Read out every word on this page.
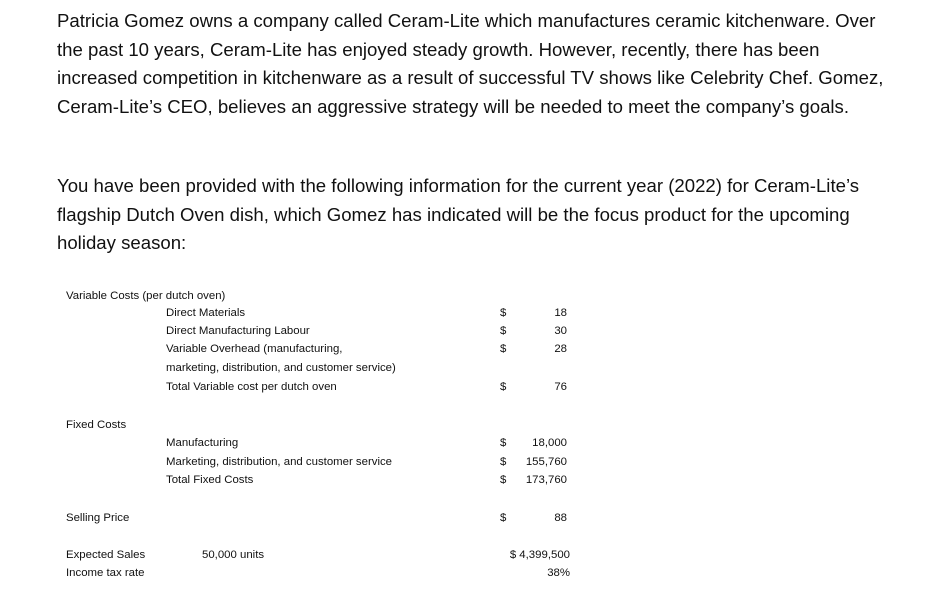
Patricia Gomez owns a company called Ceram-Lite which manufactures ceramic kitchenware. Over the past 10 years, Ceram-Lite has enjoyed steady growth. However, recently, there has been increased competition in kitchenware as a result of successful TV shows like Celebrity Chef. Gomez, Ceram-Lite’s CEO, believes an aggressive strategy will be needed to meet the company’s goals.
You have been provided with the following information for the current year (2022) for Ceram-Lite’s flagship Dutch Oven dish, which Gomez has indicated will be the focus product for the upcoming holiday season:
Variable Costs (per dutch oven)
Direct Materials	$	18
Direct Manufacturing Labour	$	30
Variable Overhead (manufacturing,	$	28
marketing, distribution, and customer service)
Total Variable cost per dutch oven	$	76
Fixed Costs
Manufacturing	$	18,000
Marketing, distribution, and customer service	$	155,760
Total Fixed Costs	$	173,760
Selling Price	$	88
Expected Sales	50,000 units	$ 4,399,500
Income tax rate	38%
